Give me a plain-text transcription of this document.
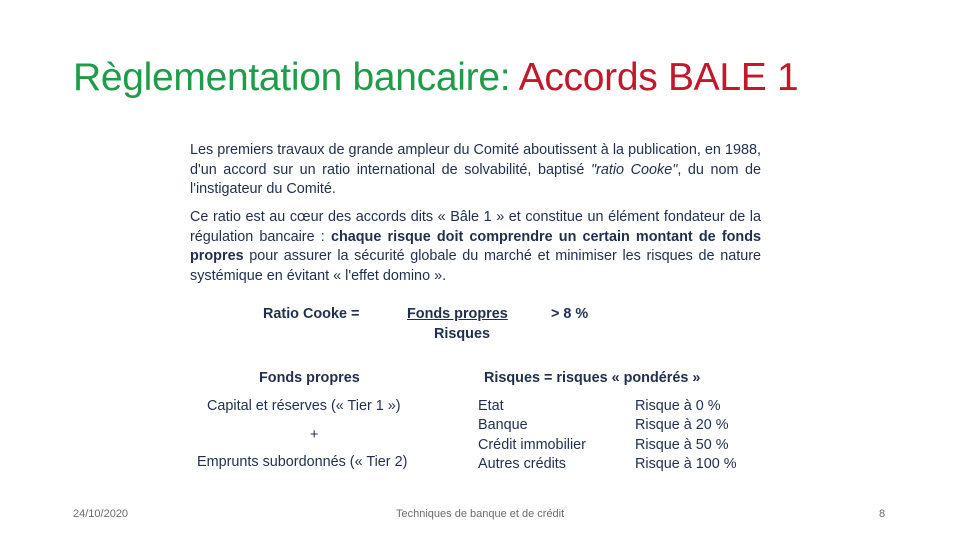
Règlementation bancaire: Accords BALE 1

Les premiers travaux de grande ampleur du Comité aboutissent à la publication, en 1988, d'un accord sur un ratio international de solvabilité, baptisé "ratio Cooke", du nom de l'instigateur du Comité.

Ce ratio est au cœur des accords dits « Bâle 1 » et constitue un élément fondateur de la régulation bancaire : chaque risque doit comprendre un certain montant de fonds propres pour assurer la sécurité globale du marché et minimiser les risques de nature systémique en évitant « l'effet domino ».

Ratio Cooke =	Fonds propres
Risques
> 8 %
Fonds propres
Capital et réserves (« Tier 1 »)
+
Emprunts subordonnés (« Tier 2)
Risques = risques « pondérés »
Etat	Risque à 0 %
Banque	Risque à 20 %
Crédit immobilier	Risque à 50 %
Autres crédits	Risque à 100 %
24/10/2020	Techniques de banque et de crédit	8
